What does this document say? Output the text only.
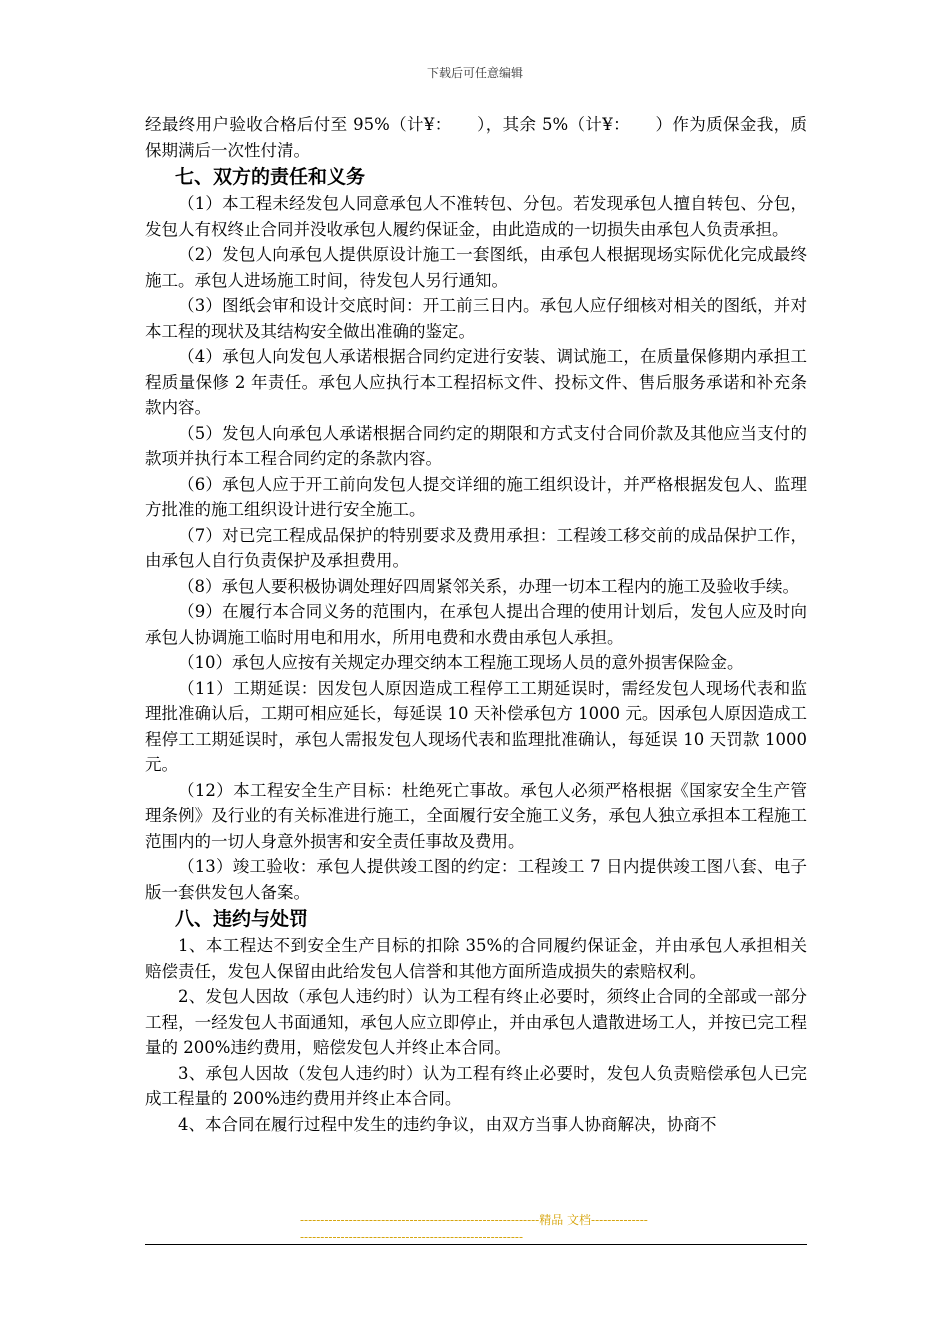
下载后可任意编辑

经最终用户验收合格后付至 95%（计¥：　　），其余 5%（计¥：　　）作为质保金我，质保期满后一次性付清。

七、双方的责任和义务

（1）本工程未经发包人同意承包人不准转包、分包。若发现承包人擅自转包、分包，发包人有权终止合同并没收承包人履约保证金，由此造成的一切损失由承包人负责承担。

（2）发包人向承包人提供原设计施工一套图纸，由承包人根据现场实际优化完成最终施工。承包人进场施工时间，待发包人另行通知。

（3）图纸会审和设计交底时间：开工前三日内。承包人应仔细核对相关的图纸，并对本工程的现状及其结构安全做出准确的鉴定。

（4）承包人向发包人承诺根据合同约定进行安装、调试施工，在质量保修期内承担工程质量保修 2 年责任。承包人应执行本工程招标文件、投标文件、售后服务承诺和补充条款内容。

（5）发包人向承包人承诺根据合同约定的期限和方式支付合同价款及其他应当支付的款项并执行本工程合同约定的条款内容。

（6）承包人应于开工前向发包人提交详细的施工组织设计，并严格根据发包人、监理方批准的施工组织设计进行安全施工。

（7）对已完工程成品保护的特别要求及费用承担：工程竣工移交前的成品保护工作，由承包人自行负责保护及承担费用。

（8）承包人要积极协调处理好四周紧邻关系，办理一切本工程内的施工及验收手续。

（9）在履行本合同义务的范围内，在承包人提出合理的使用计划后，发包人应及时向承包人协调施工临时用电和用水，所用电费和水费由承包人承担。

（10）承包人应按有关规定办理交纳本工程施工现场人员的意外损害保险金。

（11）工期延误：因发包人原因造成工程停工工期延误时，需经发包人现场代表和监理批准确认后，工期可相应延长，每延误 10 天补偿承包方 1000 元。因承包人原因造成工程停工工期延误时，承包人需报发包人现场代表和监理批准确认，每延误 10 天罚款 1000 元。

（12）本工程安全生产目标：杜绝死亡事故。承包人必须严格根据《国家安全生产管理条例》及行业的有关标准进行施工，全面履行安全施工义务，承包人独立承担本工程施工范围内的一切人身意外损害和安全责任事故及费用。

（13）竣工验收：承包人提供竣工图的约定：工程竣工 7 日内提供竣工图八套、电子版一套供发包人备案。

八、违约与处罚

1、本工程达不到安全生产目标的扣除 35%的合同履约保证金，并由承包人承担相关赔偿责任，发包人保留由此给发包人信誉和其他方面所造成损失的索赔权利。

2、发包人因故（承包人违约时）认为工程有终止必要时，须终止合同的全部或一部分工程，一经发包人书面通知，承包人应立即停止，并由承包人遣散进场工人，并按已完工程量的 200%违约费用，赔偿发包人并终止本合同。

3、承包人因故（发包人违约时）认为工程有终止必要时，发包人负责赔偿承包人已完成工程量的 200%违约费用并终止本合同。

4、本合同在履行过程中发生的违约争议，由双方当事人协商解决，协商不

-----------------------------------------------------------精品 文档---------------------------------------------------------------------
